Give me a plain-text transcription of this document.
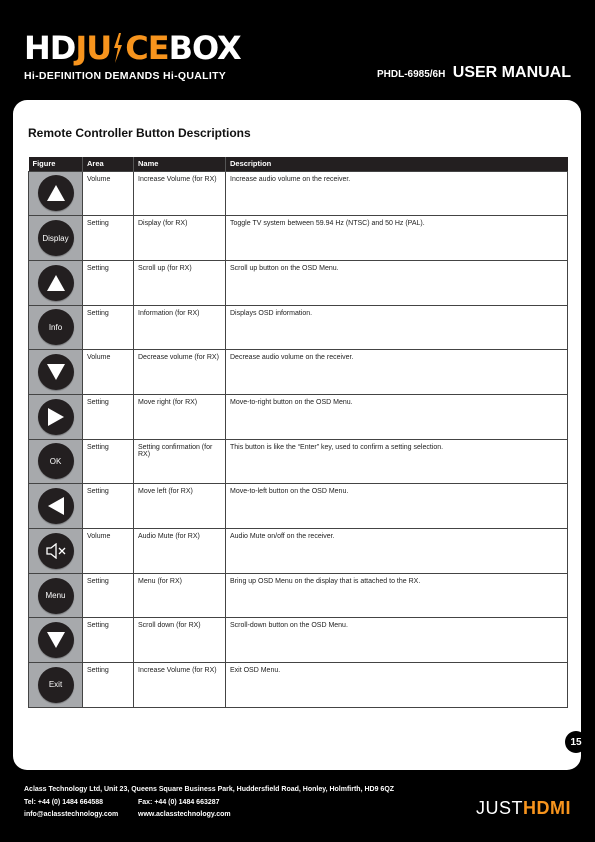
HD JU CE BOX
Hi-DEFINITION DEMANDS Hi-QUALITY	PHDL-6985/6H USER MANUAL
Remote Controller Button Descriptions
Figure	Area	Name	Description

	Volume	Increase Volume (for RX)	Increase audio volume on the receiver.

Display	Setting	Display (for RX)	Toggle TV system between 59.94 Hz (NTSC) and 50 Hz (PAL).

	Setting	Scroll up (for RX)	Scroll up button on the OSD Menu.

Info	Setting	Information (for RX)	Displays OSD information.

	Volume	Decrease volume (for RX)	Decrease audio volume on the receiver.

	Setting	Move right (for RX)	Move-to-right button on the OSD Menu.

OK	Setting	Setting confirmation (for RX)	This button is like the “Enter” key, used to confirm a setting selection.

	Setting	Move left (for RX)	Move-to-left button on the OSD Menu.

	Volume	Audio Mute (for RX)	Audio Mute on/off on the receiver.

Menu	Setting	Menu (for RX)	Bring up OSD Menu on the display that is attached to the RX.

	Setting	Scroll down (for RX)	Scroll-down button on the OSD Menu.

Exit	Setting	Increase Volume (for RX)	Exit OSD Menu.
15
Aclass Technology Ltd, Unit 23, Queens Square Business Park, Huddersfield Road, Honley, Holmfirth, HD9 6QZ
Tel: +44 (0) 1484 664588	Fax: +44 (0) 1484 663287
info@aclasstechnology.com	www.aclasstechnology.com	JUSTHDMI
